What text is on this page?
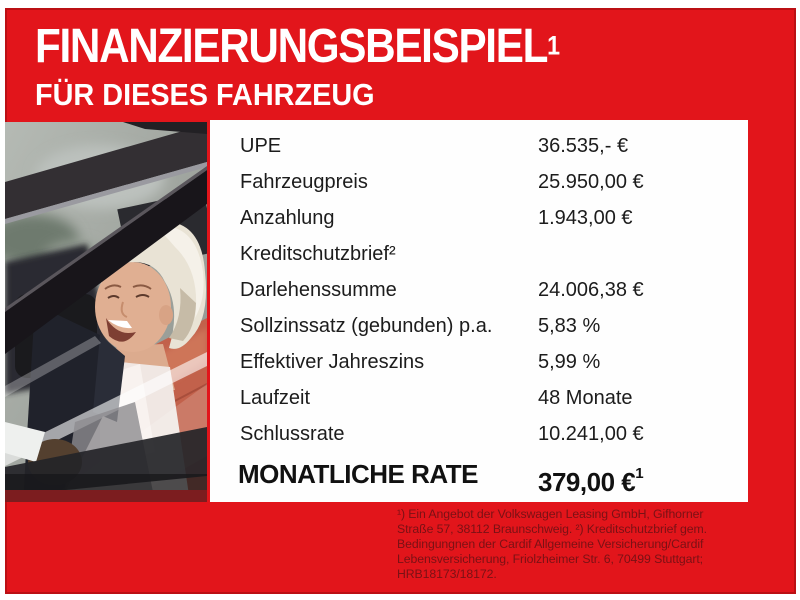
FINANZIERUNGSBEISPIEL$^1$
FÜR DIESES FAHRZEUG
UPE	36.535,- €
Fahrzeugpreis	25.950,00 €
Anzahlung	1.943,00 €
Kreditschutzbrief²
Darlehenssumme	24.006,38 €
Sollzinssatz (gebunden) p.a.	5,83 %
Effektiver Jahreszins	5,99 %
Laufzeit	48 Monate
Schlussrate	10.241,00 €
MONATLICHE RATE	379,00 €$^1$
¹) Ein Angebot der Volkswagen Leasing GmbH, Gifhorner
Straße 57, 38112 Braunschweig. ²) Kreditschutzbrief gem.
Bedingungnen der Cardif Allgemeine Versicherung/Cardif
Lebensversicherung, Friolzheimer Str. 6, 70499 Stuttgart;
HRB18173/18172.
